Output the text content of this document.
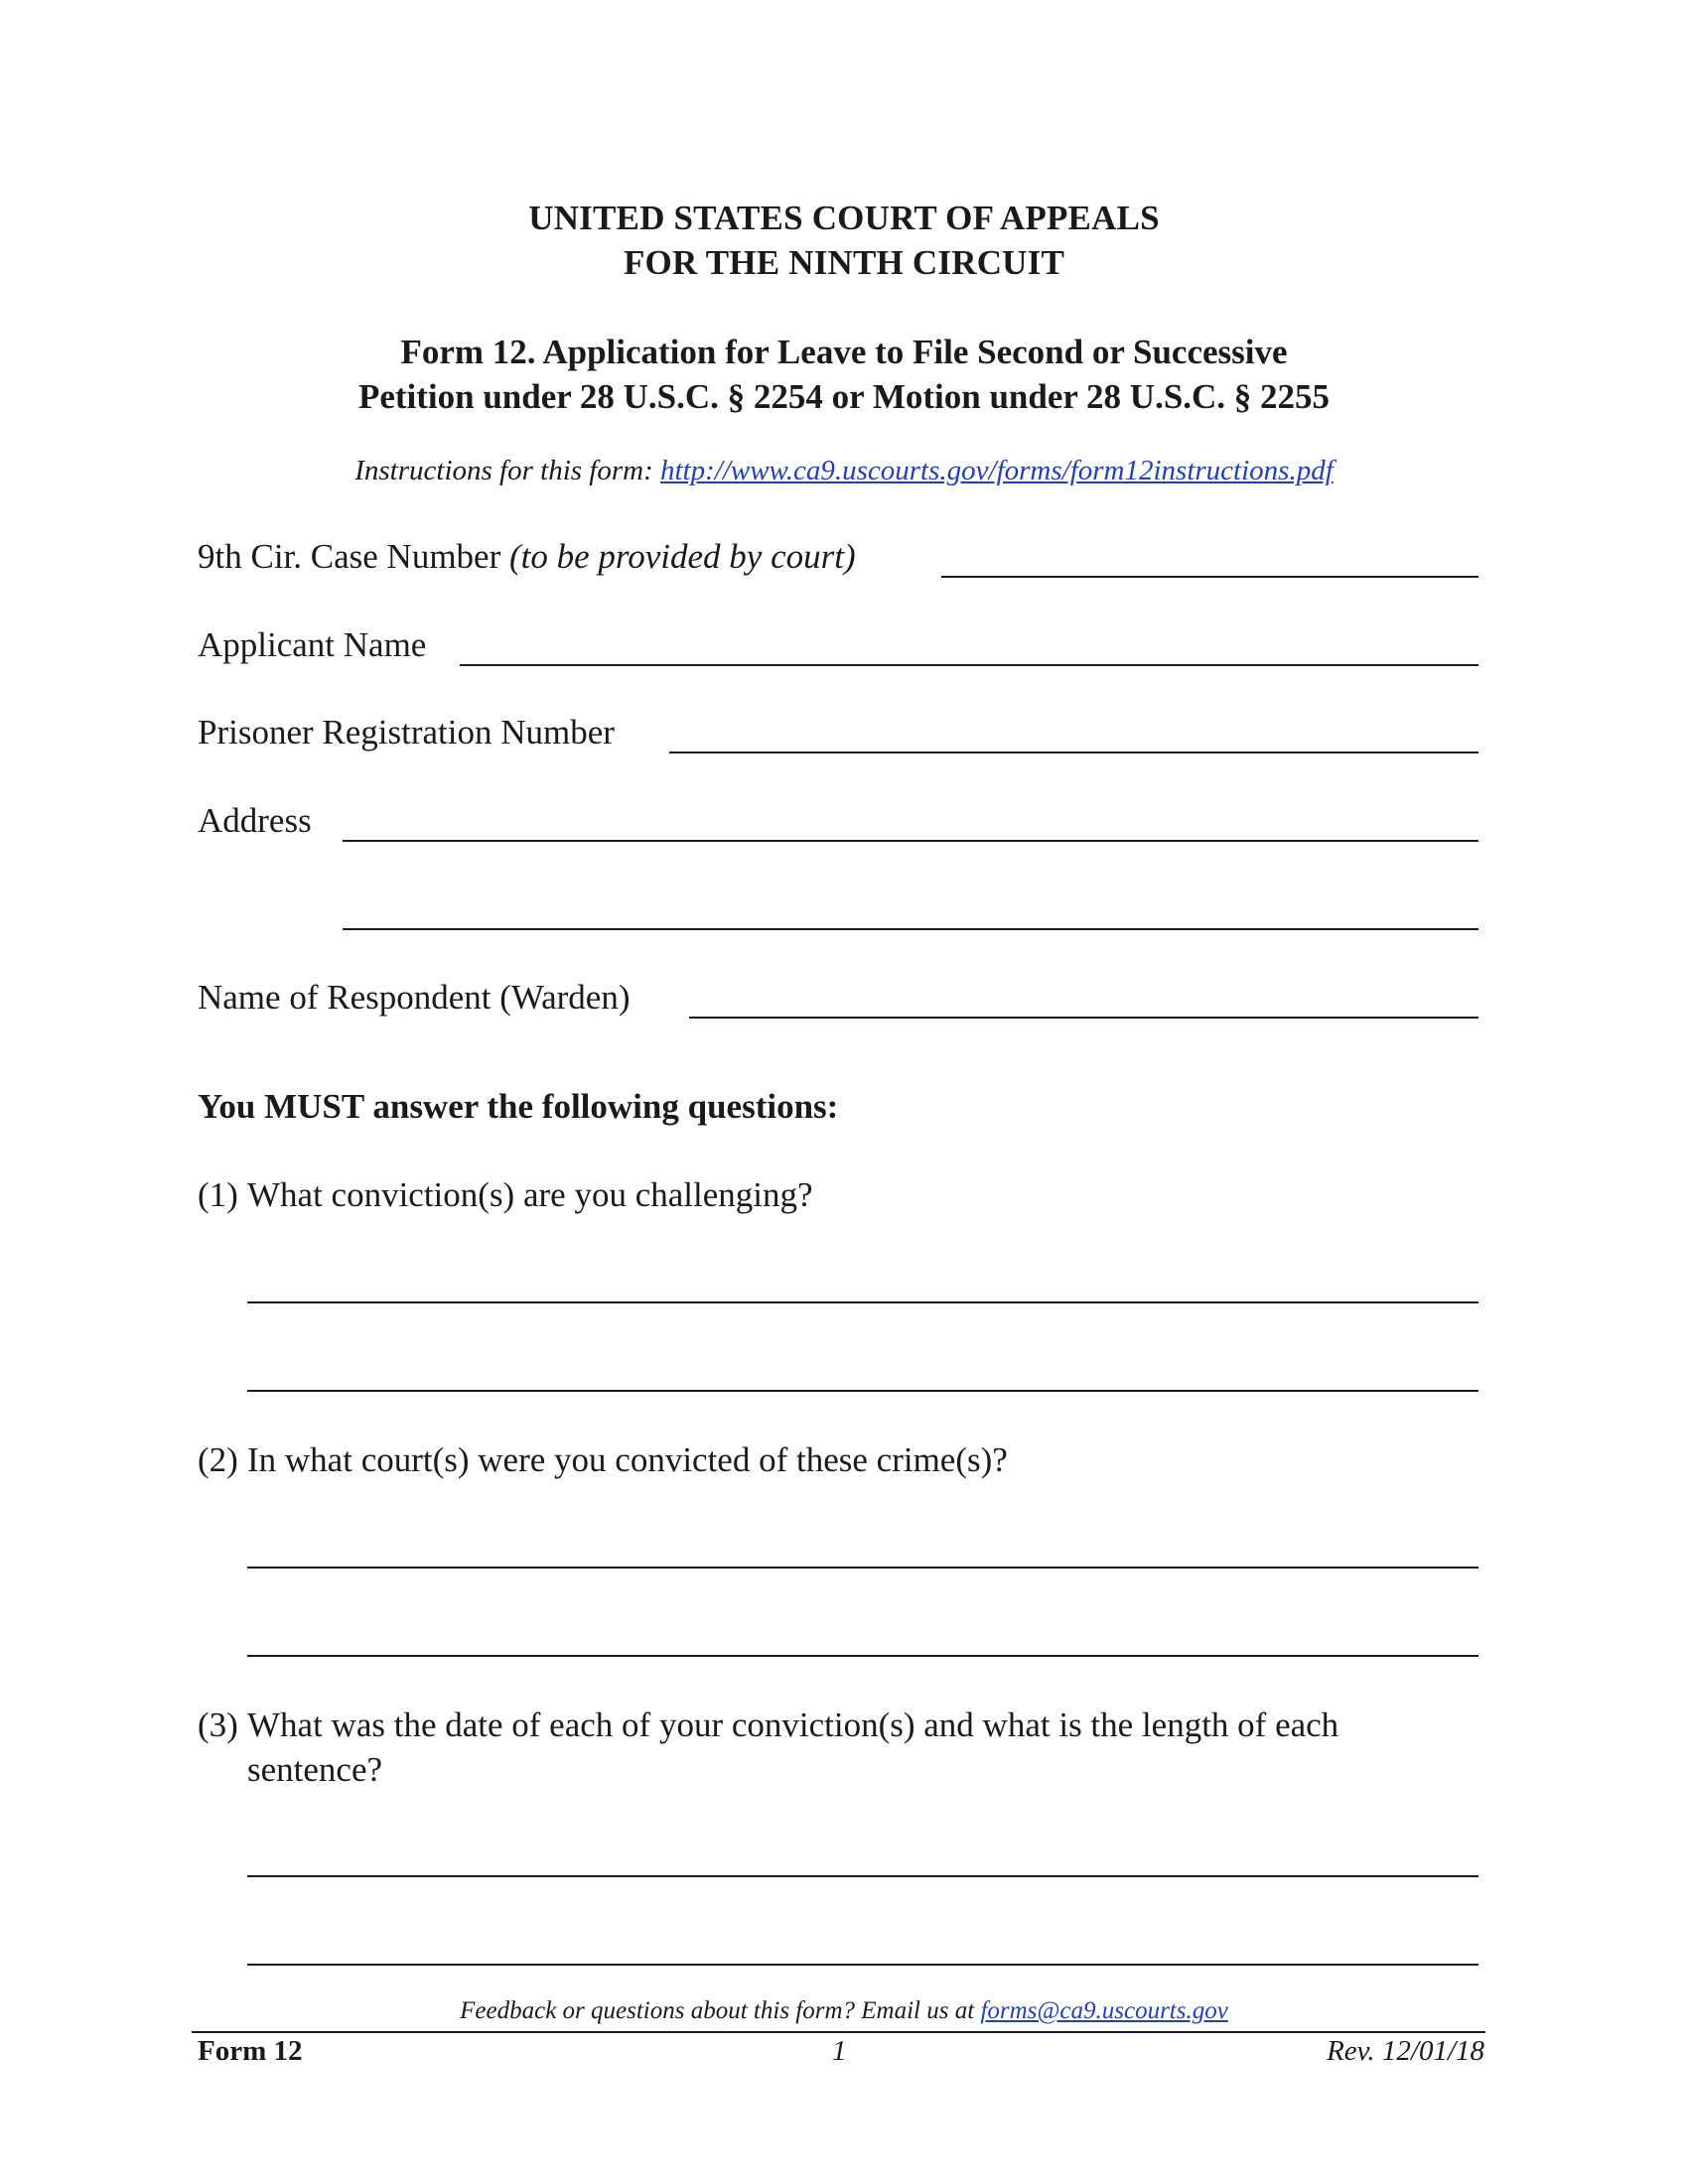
UNITED STATES COURT OF APPEALS
FOR THE NINTH CIRCUIT
Form 12. Application for Leave to File Second or Successive
Petition under 28 U.S.C. § 2254 or Motion under 28 U.S.C. § 2255
Instructions for this form: http://www.ca9.uscourts.gov/forms/form12instructions.pdf
9th Cir. Case Number (to be provided by court)
Applicant Name
Prisoner Registration Number
Address
Name of Respondent (Warden)
You MUST answer the following questions:
(1) What conviction(s) are you challenging?
(2) In what court(s) were you convicted of these crime(s)?
(3) What was the date of each of your conviction(s) and what is the length of each
sentence?
Feedback or questions about this form? Email us at forms@ca9.uscourts.gov
Form 12	1	Rev. 12/01/18
